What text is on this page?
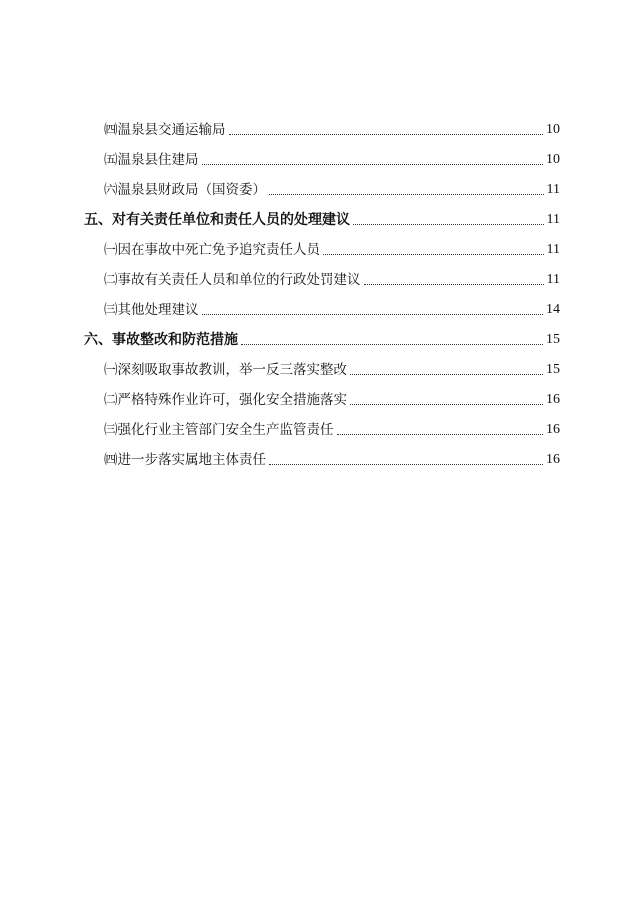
㈣温泉县交通运输局	10
㈤温泉县住建局	10
㈥温泉县财政局（国资委）	11
五、对有关责任单位和责任人员的处理建议	11
㈠因在事故中死亡免予追究责任人员	11
㈡事故有关责任人员和单位的行政处罚建议	11
㈢其他处理建议	14
六、事故整改和防范措施	15
㈠深刻吸取事故教训，举一反三落实整改	15
㈡严格特殊作业许可，强化安全措施落实	16
㈢强化行业主管部门安全生产监管责任	16
㈣进一步落实属地主体责任	16
